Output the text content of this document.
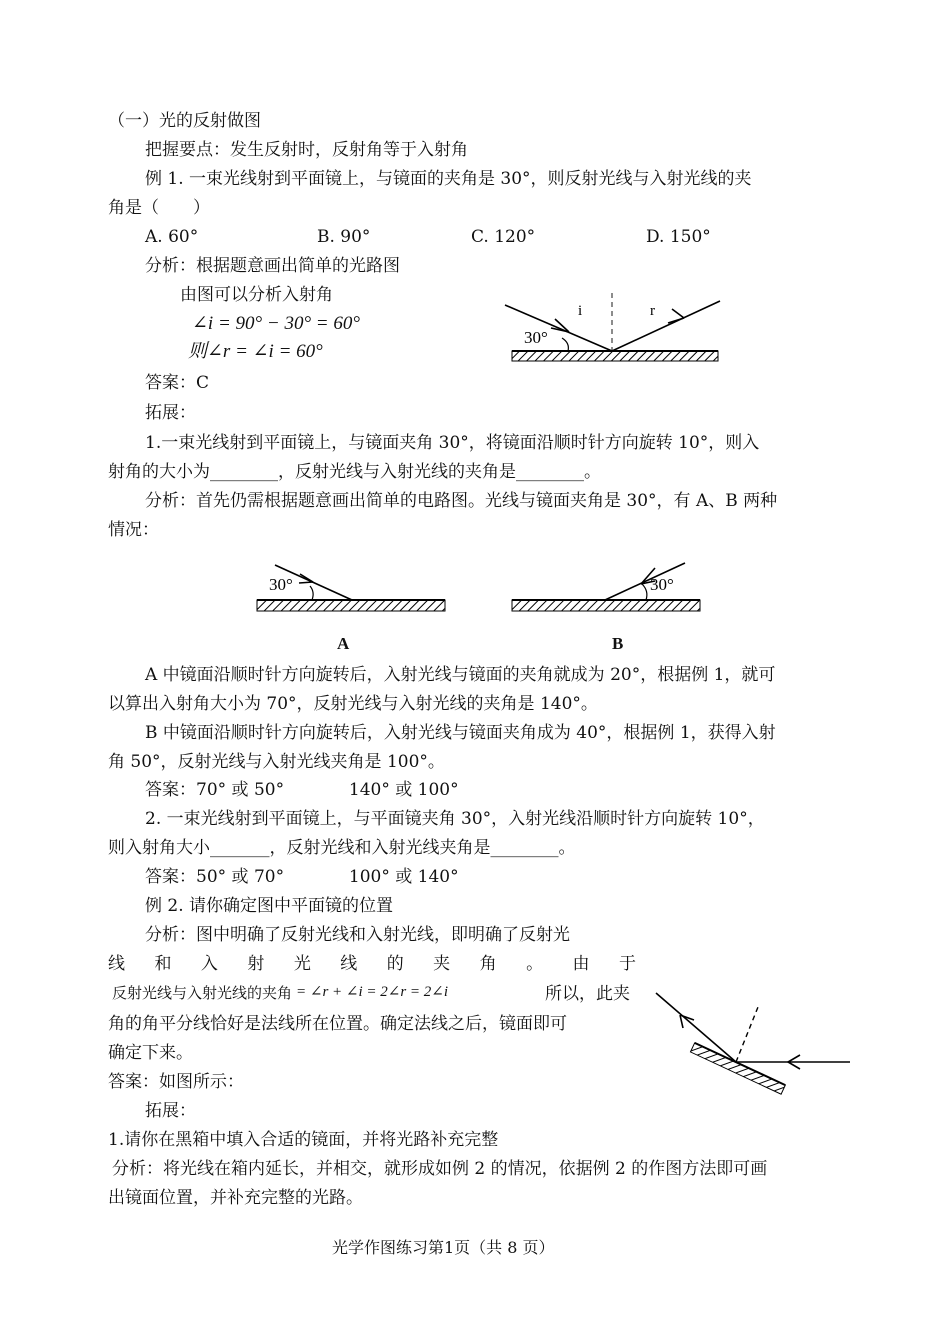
（一）光的反射做图
把握要点：发生反射时，反射角等于入射角
例 1. 一束光线射到平面镜上，与镜面的夹角是 30°，则反射光线与入射光线的夹
角是（　　）
A. 60°	B. 90°	C. 120°	D. 150°
分析：根据题意画出简单的光路图
由图可以分析入射角
∠i = 90° − 30° = 60°
则∠r = ∠i = 60°
答案：C
30°
i	r
拓展：
1.一束光线射到平面镜上，与镜面夹角 30°，将镜面沿顺时针方向旋转 10°，则入
射角的大小为________，反射光线与入射光线的夹角是________。
分析：首先仍需根据题意画出简单的电路图。光线与镜面夹角是 30°，有 A、B 两种
情况：
30°	30°
A	B
A 中镜面沿顺时针方向旋转后，入射光线与镜面的夹角就成为 20°，根据例 1，就可
以算出入射角大小为 70°，反射光线与入射光线的夹角是 140°。
B 中镜面沿顺时针方向旋转后，入射光线与镜面夹角成为 40°，根据例 1，获得入射
角 50°，反射光线与入射光线夹角是 100°。
答案：70° 或 50°            140° 或 100°
2. 一束光线射到平面镜上，与平面镜夹角 30°，入射光线沿顺时针方向旋转 10°，
则入射角大小_______，反射光线和入射光线夹角是________。
答案：50° 或 70°            100° 或 140°
例 2. 请你确定图中平面镜的位置
分析：图中明确了反射光线和入射光线，即明确了反射光
线 和 入 射 光 线 的 夹 角 。 由 于
反射光线与入射光线的夹角 = ∠r + ∠i = 2∠r = 2∠i	所以，此夹
角的角平分线恰好是法线所在位置。确定法线之后，镜面即可
确定下来。
答案：如图所示：
拓展：
1.请你在黑箱中填入合适的镜面，并将光路补充完整
分析：将光线在箱内延长，并相交，就形成如例 2 的情况，依据例 2 的作图方法即可画
出镜面位置，并补充完整的光路。
光学作图练习第1页（共 8 页）
